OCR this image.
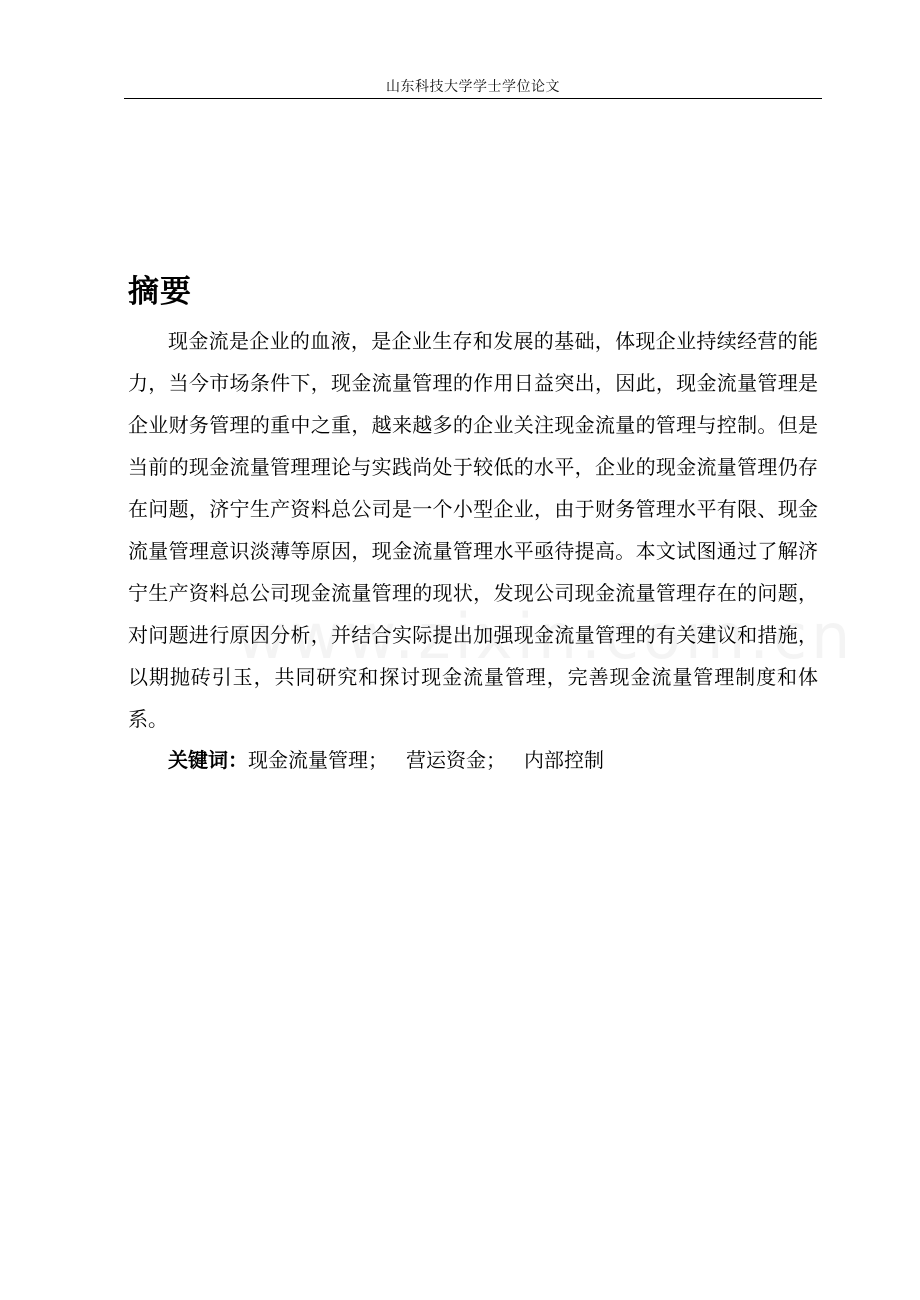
山东科技大学学士学位论文
摘要
现金流是企业的血液，是企业生存和发展的基础，体现企业持续经营的能力，当今市场条件下，现金流量管理的作用日益突出，因此，现金流量管理是企业财务管理的重中之重，越来越多的企业关注现金流量的管理与控制。但是当前的现金流量管理理论与实践尚处于较低的水平，企业的现金流量管理仍存在问题，济宁生产资料总公司是一个小型企业，由于财务管理水平有限、现金流量管理意识淡薄等原因，现金流量管理水平亟待提高。本文试图通过了解济宁生产资料总公司现金流量管理的现状，发现公司现金流量管理存在的问题，对问题进行原因分析，并结合实际提出加强现金流量管理的有关建议和措施，以期抛砖引玉，共同研究和探讨现金流量管理，完善现金流量管理制度和体系。
关键词：现金流量管理； 营运资金； 内部控制
